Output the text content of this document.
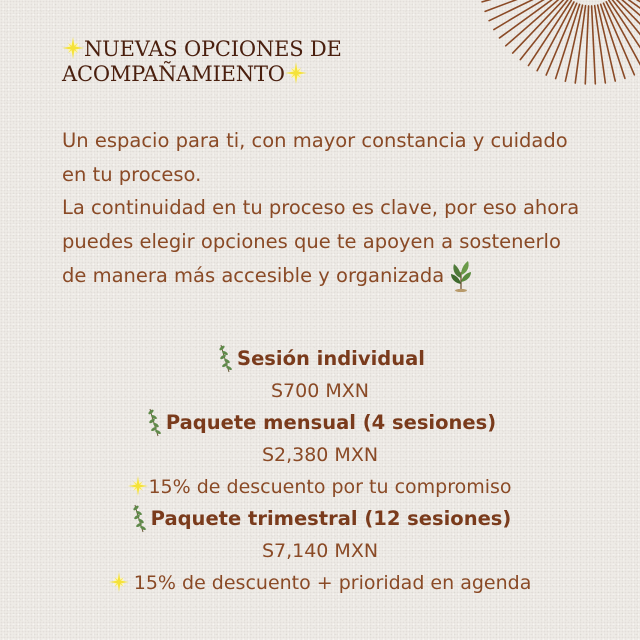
NUEVAS OPCIONES DE
ACOMPAÑAMIENTO

Un espacio para ti, con mayor constancia y cuidado en tu proceso.

La continuidad en tu proceso es clave, por eso ahora puedes elegir opciones que te apoyen a sostenerlo de manera más accesible y organizada

Sesión individual
S700 MXN
Paquete mensual (4 sesiones)
S2,380 MXN
15% de descuento por tu compromiso
Paquete trimestral (12 sesiones)
S7,140 MXN
15% de descuento + prioridad en agenda
